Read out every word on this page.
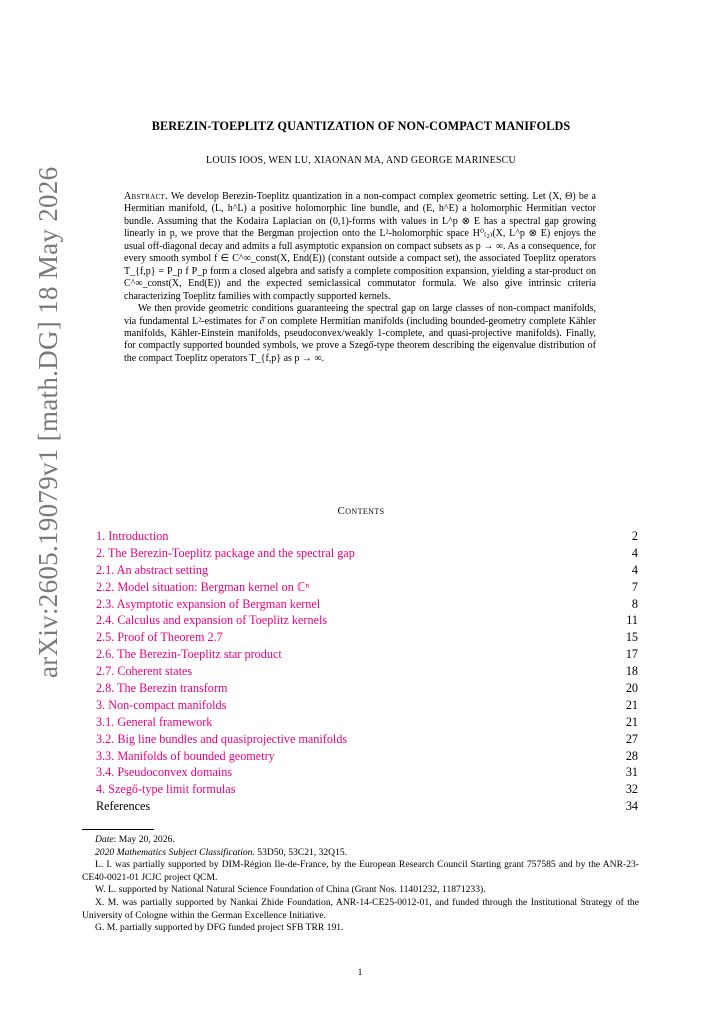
arXiv:2605.19079v1 [math.DG] 18 May 2026
BEREZIN-TOEPLITZ QUANTIZATION OF NON-COMPACT MANIFOLDS
LOUIS IOOS, WEN LU, XIAONAN MA, AND GEORGE MARINESCU

Abstract. We develop Berezin-Toeplitz quantization in a non-compact complex geometric setting. Let (X, Θ) be a Hermitian manifold, (L, h^L) a positive holomorphic line bundle, and (E, h^E) a holomorphic Hermitian vector bundle. Assuming that the Kodaira Laplacian on (0,1)-forms with values in L^p ⊗ E has a spectral gap growing linearly in p, we prove that the Bergman projection onto the L²-holomorphic space H⁰₍₂₎(X, L^p ⊗ E) enjoys the usual off-diagonal decay and admits a full asymptotic expansion on compact subsets as p → ∞. As a consequence, for every smooth symbol f ∈ C^∞_const(X, End(E)) (constant outside a compact set), the associated Toeplitz operators T_{f,p} = P_p f P_p form a closed algebra and satisfy a complete composition expansion, yielding a star-product on C^∞_const(X, End(E)) and the expected semiclassical commutator formula. We also give intrinsic criteria characterizing Toeplitz families with compactly supported kernels.

We then provide geometric conditions guaranteeing the spectral gap on large classes of non-compact manifolds, via fundamental L²-estimates for ∂̄ on complete Hermitian manifolds (including bounded-geometry complete Kähler manifolds, Kähler-Einstein manifolds, pseudoconvex/weakly 1-complete, and quasi-projective manifolds). Finally, for compactly supported bounded symbols, we prove a Szegő-type theorem describing the eigenvalue distribution of the compact Toeplitz operators T_{f,p} as p → ∞.

Contents
1. Introduction	2
2. The Berezin-Toeplitz package and the spectral gap	4
2.1. An abstract setting	4
2.2. Model situation: Bergman kernel on ℂⁿ	7
2.3. Asymptotic expansion of Bergman kernel	8
2.4. Calculus and expansion of Toeplitz kernels	11
2.5. Proof of Theorem 2.7	15
2.6. The Berezin-Toeplitz star product	17
2.7. Coherent states	18
2.8. The Berezin transform	20
3. Non-compact manifolds	21
3.1. General framework	21
3.2. Big line bundles and quasiprojective manifolds	27
3.3. Manifolds of bounded geometry	28
3.4. Pseudoconvex domains	31
4. Szegő-type limit formulas	32
References	34

Date: May 20, 2026.

2020 Mathematics Subject Classification. 53D50, 53C21, 32Q15.

L. I. was partially supported by DIM-Région Ile-de-France, by the European Research Council Starting grant 757585 and by the ANR-23-CE40-0021-01 JCJC project QCM.

W. L. supported by National Natural Science Foundation of China (Grant Nos. 11401232, 11871233).

X. M. was partially supported by Nankai Zhide Foundation, ANR-14-CE25-0012-01, and funded through the Institutional Strategy of the University of Cologne within the German Excellence Initiative.

G. M. partially supported by DFG funded project SFB TRR 191.

1
